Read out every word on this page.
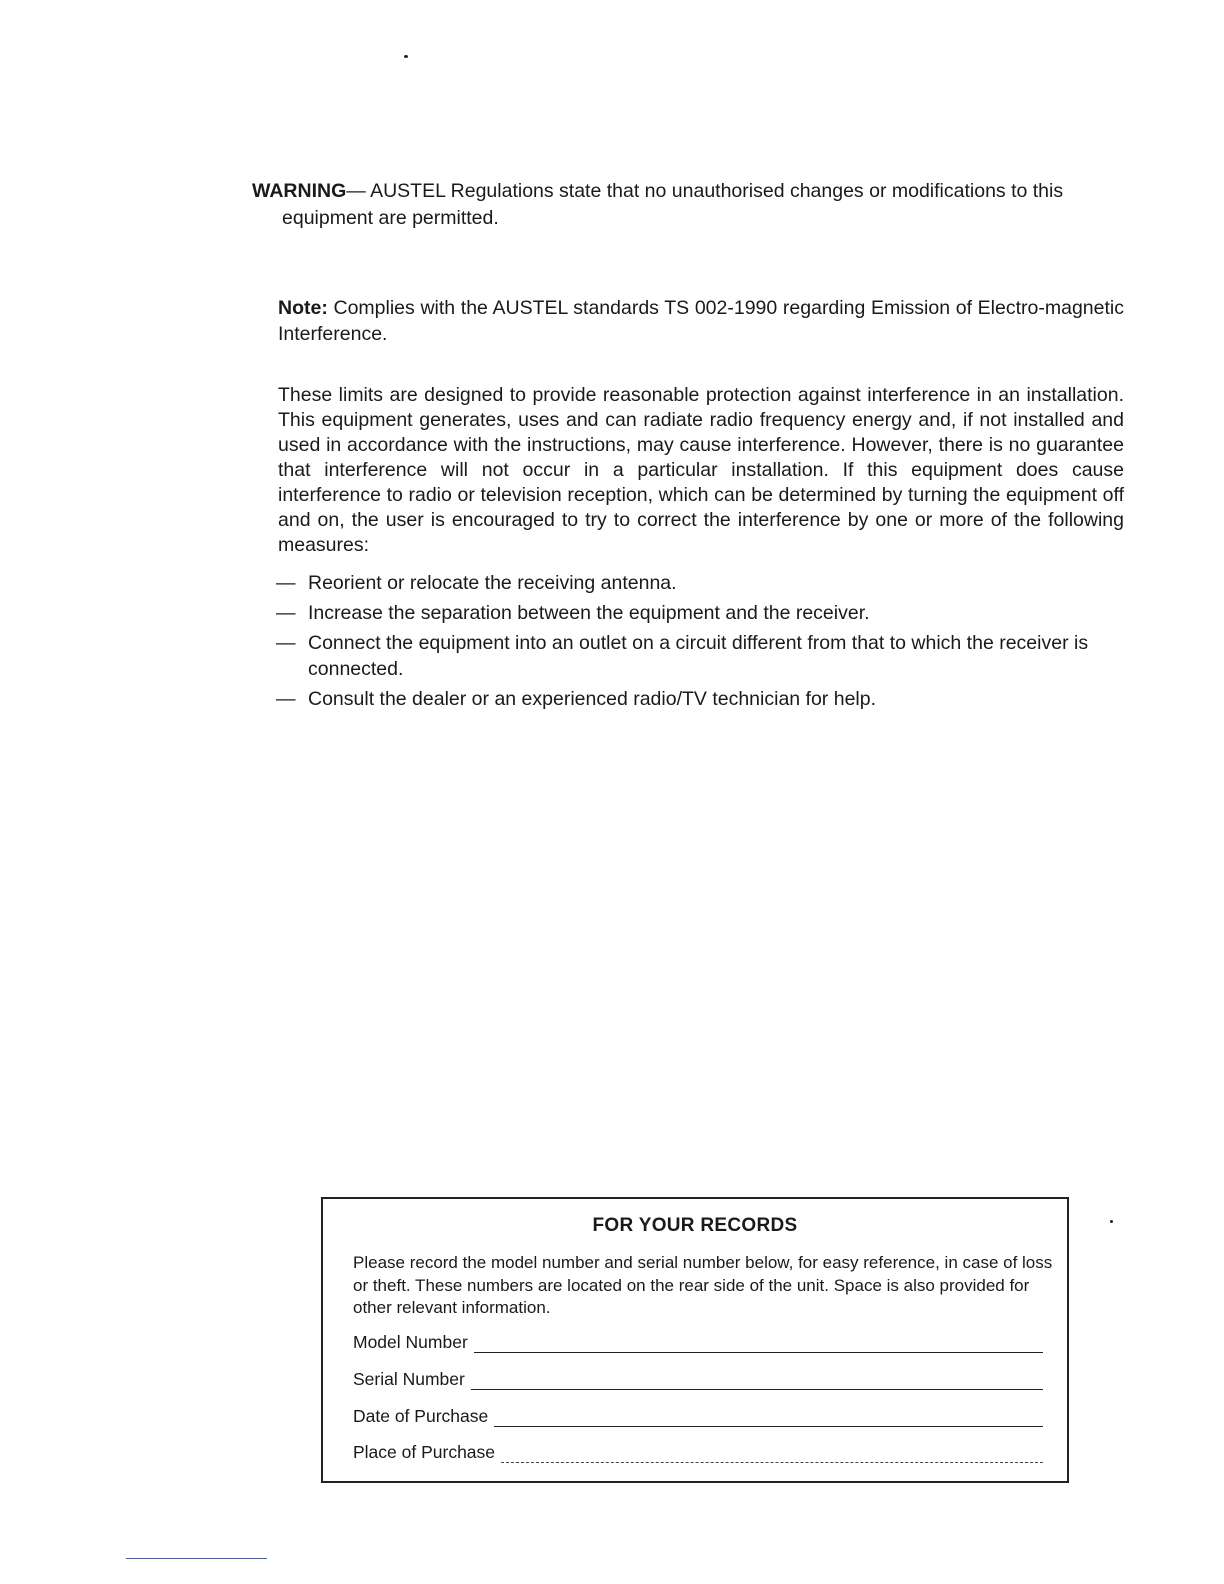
WARNING— AUSTEL Regulations state that no unauthorised changes or modifications to this
equipment are permitted.
Note: Complies with the AUSTEL standards TS 002-1990 regarding Emission of Electro-magnetic Interference.
These limits are designed to provide reasonable protection against interference in an installation. This equipment generates, uses and can radiate radio frequency energy and, if not installed and used in accordance with the instructions, may cause interference. However, there is no guarantee that interference will not occur in a particular installation. If this equipment does cause interference to radio or television reception, which can be determined by turning the equipment off and on, the user is encouraged to try to correct the interference by one or more of the following measures:
— Reorient or relocate the receiving antenna.
— Increase the separation between the equipment and the receiver.
— Connect the equipment into an outlet on a circuit different from that to which the receiver is connected.
— Consult the dealer or an experienced radio/TV technician for help.
FOR YOUR RECORDS
Please record the model number and serial number below, for easy reference, in case of loss or theft. These numbers are located on the rear side of the unit. Space is also provided for other relevant information.
Model Number
Serial Number
Date of Purchase
Place of Purchase
